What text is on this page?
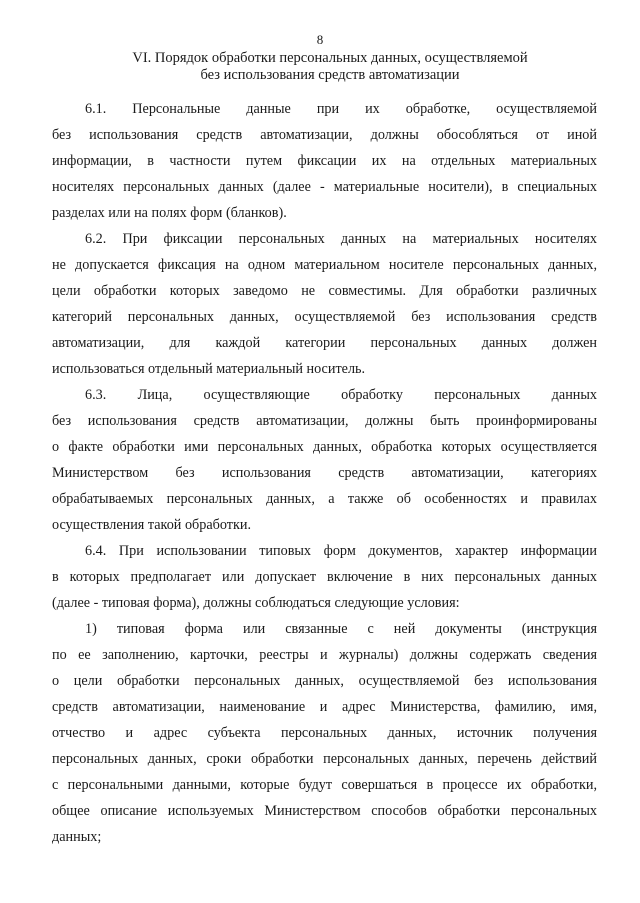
8
VI. Порядок обработки персональных данных, осуществляемой
без использования средств автоматизации
6.1. Персональные данные при их обработке, осуществляемой
без использования средств автоматизации, должны обособляться от иной
информации, в частности путем фиксации их на отдельных материальных
носителях персональных данных (далее - материальные носители), в специальных
разделах или на полях форм (бланков).
6.2. При фиксации персональных данных на материальных носителях
не допускается фиксация на одном материальном носителе персональных данных,
цели обработки которых заведомо не совместимы. Для обработки различных
категорий персональных данных, осуществляемой без использования средств
автоматизации, для каждой категории персональных данных должен
использоваться отдельный материальный носитель.
6.3. Лица, осуществляющие обработку персональных данных
без использования средств автоматизации, должны быть проинформированы
о факте обработки ими персональных данных, обработка которых осуществляется
Министерством без использования средств автоматизации, категориях
обрабатываемых персональных данных, а также об особенностях и правилах
осуществления такой обработки.
6.4. При использовании типовых форм документов, характер информации
в которых предполагает или допускает включение в них персональных данных
(далее - типовая форма), должны соблюдаться следующие условия:
1) типовая форма или связанные с ней документы (инструкция
по ее заполнению, карточки, реестры и журналы) должны содержать сведения
о цели обработки персональных данных, осуществляемой без использования
средств автоматизации, наименование и адрес Министерства, фамилию, имя,
отчество и адрес субъекта персональных данных, источник получения
персональных данных, сроки обработки персональных данных, перечень действий
с персональными данными, которые будут совершаться в процессе их обработки,
общее описание используемых Министерством способов обработки персональных
данных;
